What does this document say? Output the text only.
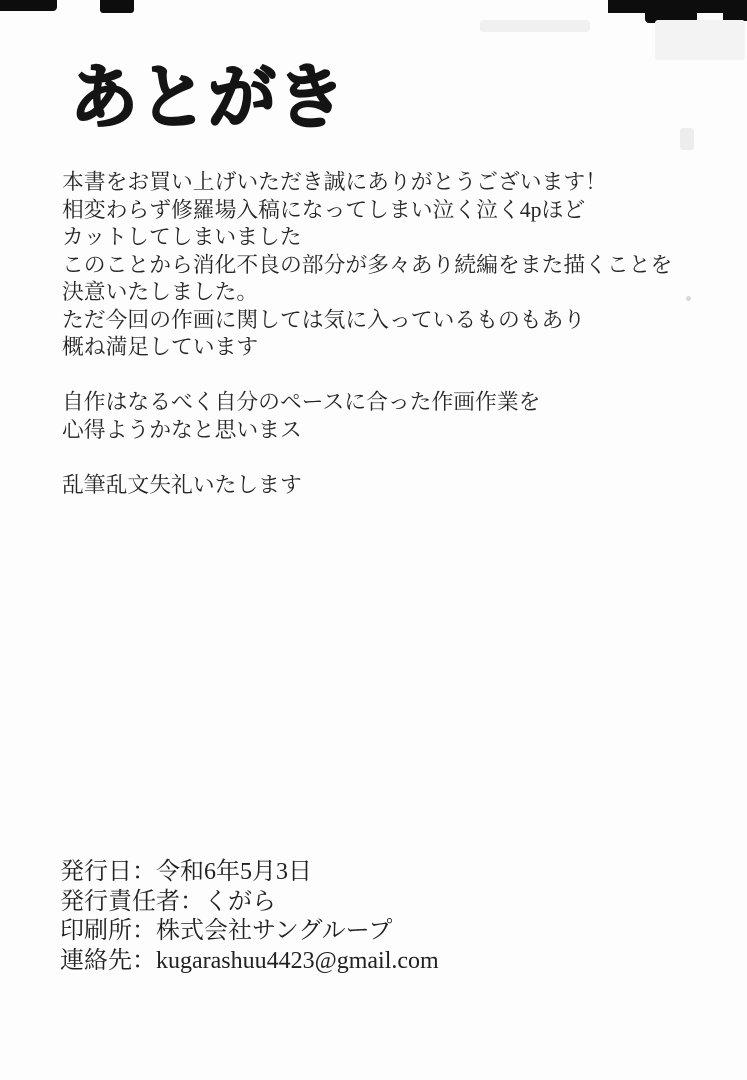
あとがき
本書をお買い上げいただき誠にありがとうございます！
相変わらず修羅場入稿になってしまい泣く泣く4pほど
カットしてしまいました
このことから消化不良の部分が多々あり続編をまた描くことを
決意いたしました。
ただ今回の作画に関しては気に入っているものもあり
概ね満足しています
自作はなるべく自分のペースに合った作画作業を
心得ようかなと思いまス
乱筆乱文失礼いたします
発行日：令和6年5月3日
発行責任者：くがら
印刷所：株式会社サングループ
連絡先：kugarashuu4423@gmail.com
